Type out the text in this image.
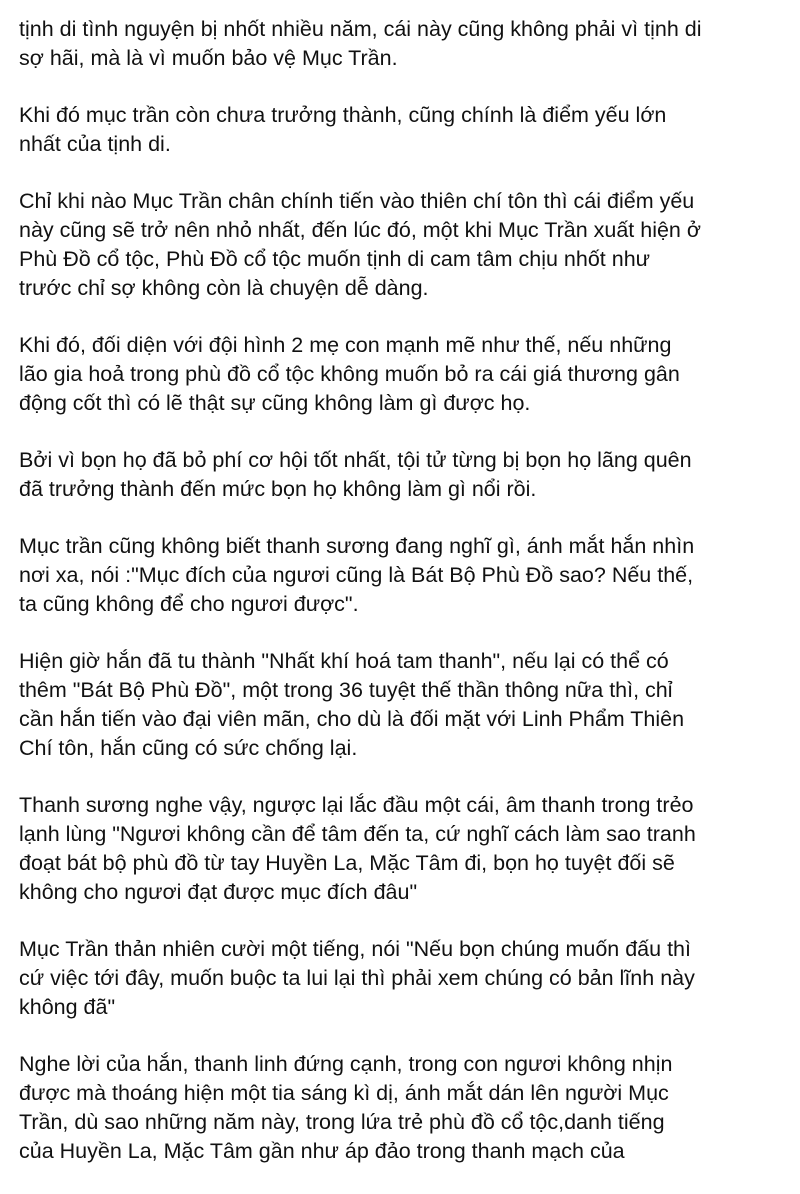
tịnh di tình nguyện bị nhốt nhiều năm, cái này cũng không phải vì tịnh di
sợ hãi, mà là vì muốn bảo vệ Mục Trần.
Khi đó mục trần còn chưa trưởng thành, cũng chính là điểm yếu lớn
nhất của tịnh di.
Chỉ khi nào Mục Trần chân chính tiến vào thiên chí tôn thì cái điểm yếu
này cũng sẽ trở nên nhỏ nhất, đến lúc đó, một khi Mục Trần xuất hiện ở
Phù Đồ cổ tộc, Phù Đồ cổ tộc muốn tịnh di cam tâm chịu nhốt như
trước chỉ sợ không còn là chuyện dễ dàng.
Khi đó, đối diện với đội hình 2 mẹ con mạnh mẽ như thế, nếu những
lão gia hoả trong phù đồ cổ tộc không muốn bỏ ra cái giá thương gân
động cốt thì có lẽ thật sự cũng không làm gì được họ.
Bởi vì bọn họ đã bỏ phí cơ hội tốt nhất, tội tử từng bị bọn họ lãng quên
đã trưởng thành đến mức bọn họ không làm gì nổi rồi.
Mục trần cũng không biết thanh sương đang nghĩ gì, ánh mắt hắn nhìn
nơi xa, nói :"Mục đích của ngươi cũng là Bát Bộ Phù Đồ sao? Nếu thế,
ta cũng không để cho ngươi được".
Hiện giờ hắn đã tu thành "Nhất khí hoá tam thanh", nếu lại có thể có
thêm "Bát Bộ Phù Đồ", một trong 36 tuyệt thế thần thông nữa thì, chỉ
cần hắn tiến vào đại viên mãn, cho dù là đối mặt với Linh Phẩm Thiên
Chí tôn, hắn cũng có sức chống lại.
Thanh sương nghe vậy, ngược lại lắc đầu một cái, âm thanh trong trẻo
lạnh lùng "Ngươi không cần để tâm đến ta, cứ nghĩ cách làm sao tranh
đoạt bát bộ phù đồ từ tay Huyền La, Mặc Tâm đi, bọn họ tuyệt đối sẽ
không cho ngươi đạt được mục đích đâu"
Mục Trần thản nhiên cười một tiếng, nói "Nếu bọn chúng muốn đấu thì
cứ việc tới đây, muốn buộc ta lui lại thì phải xem chúng có bản lĩnh này
không đã"
Nghe lời của hắn, thanh linh đứng cạnh, trong con ngươi không nhịn
được mà thoáng hiện một tia sáng kì dị, ánh mắt dán lên người Mục
Trần, dù sao những năm này, trong lứa trẻ phù đồ cổ tộc,danh tiếng
của Huyền La, Mặc Tâm gần như áp đảo trong thanh mạch của
